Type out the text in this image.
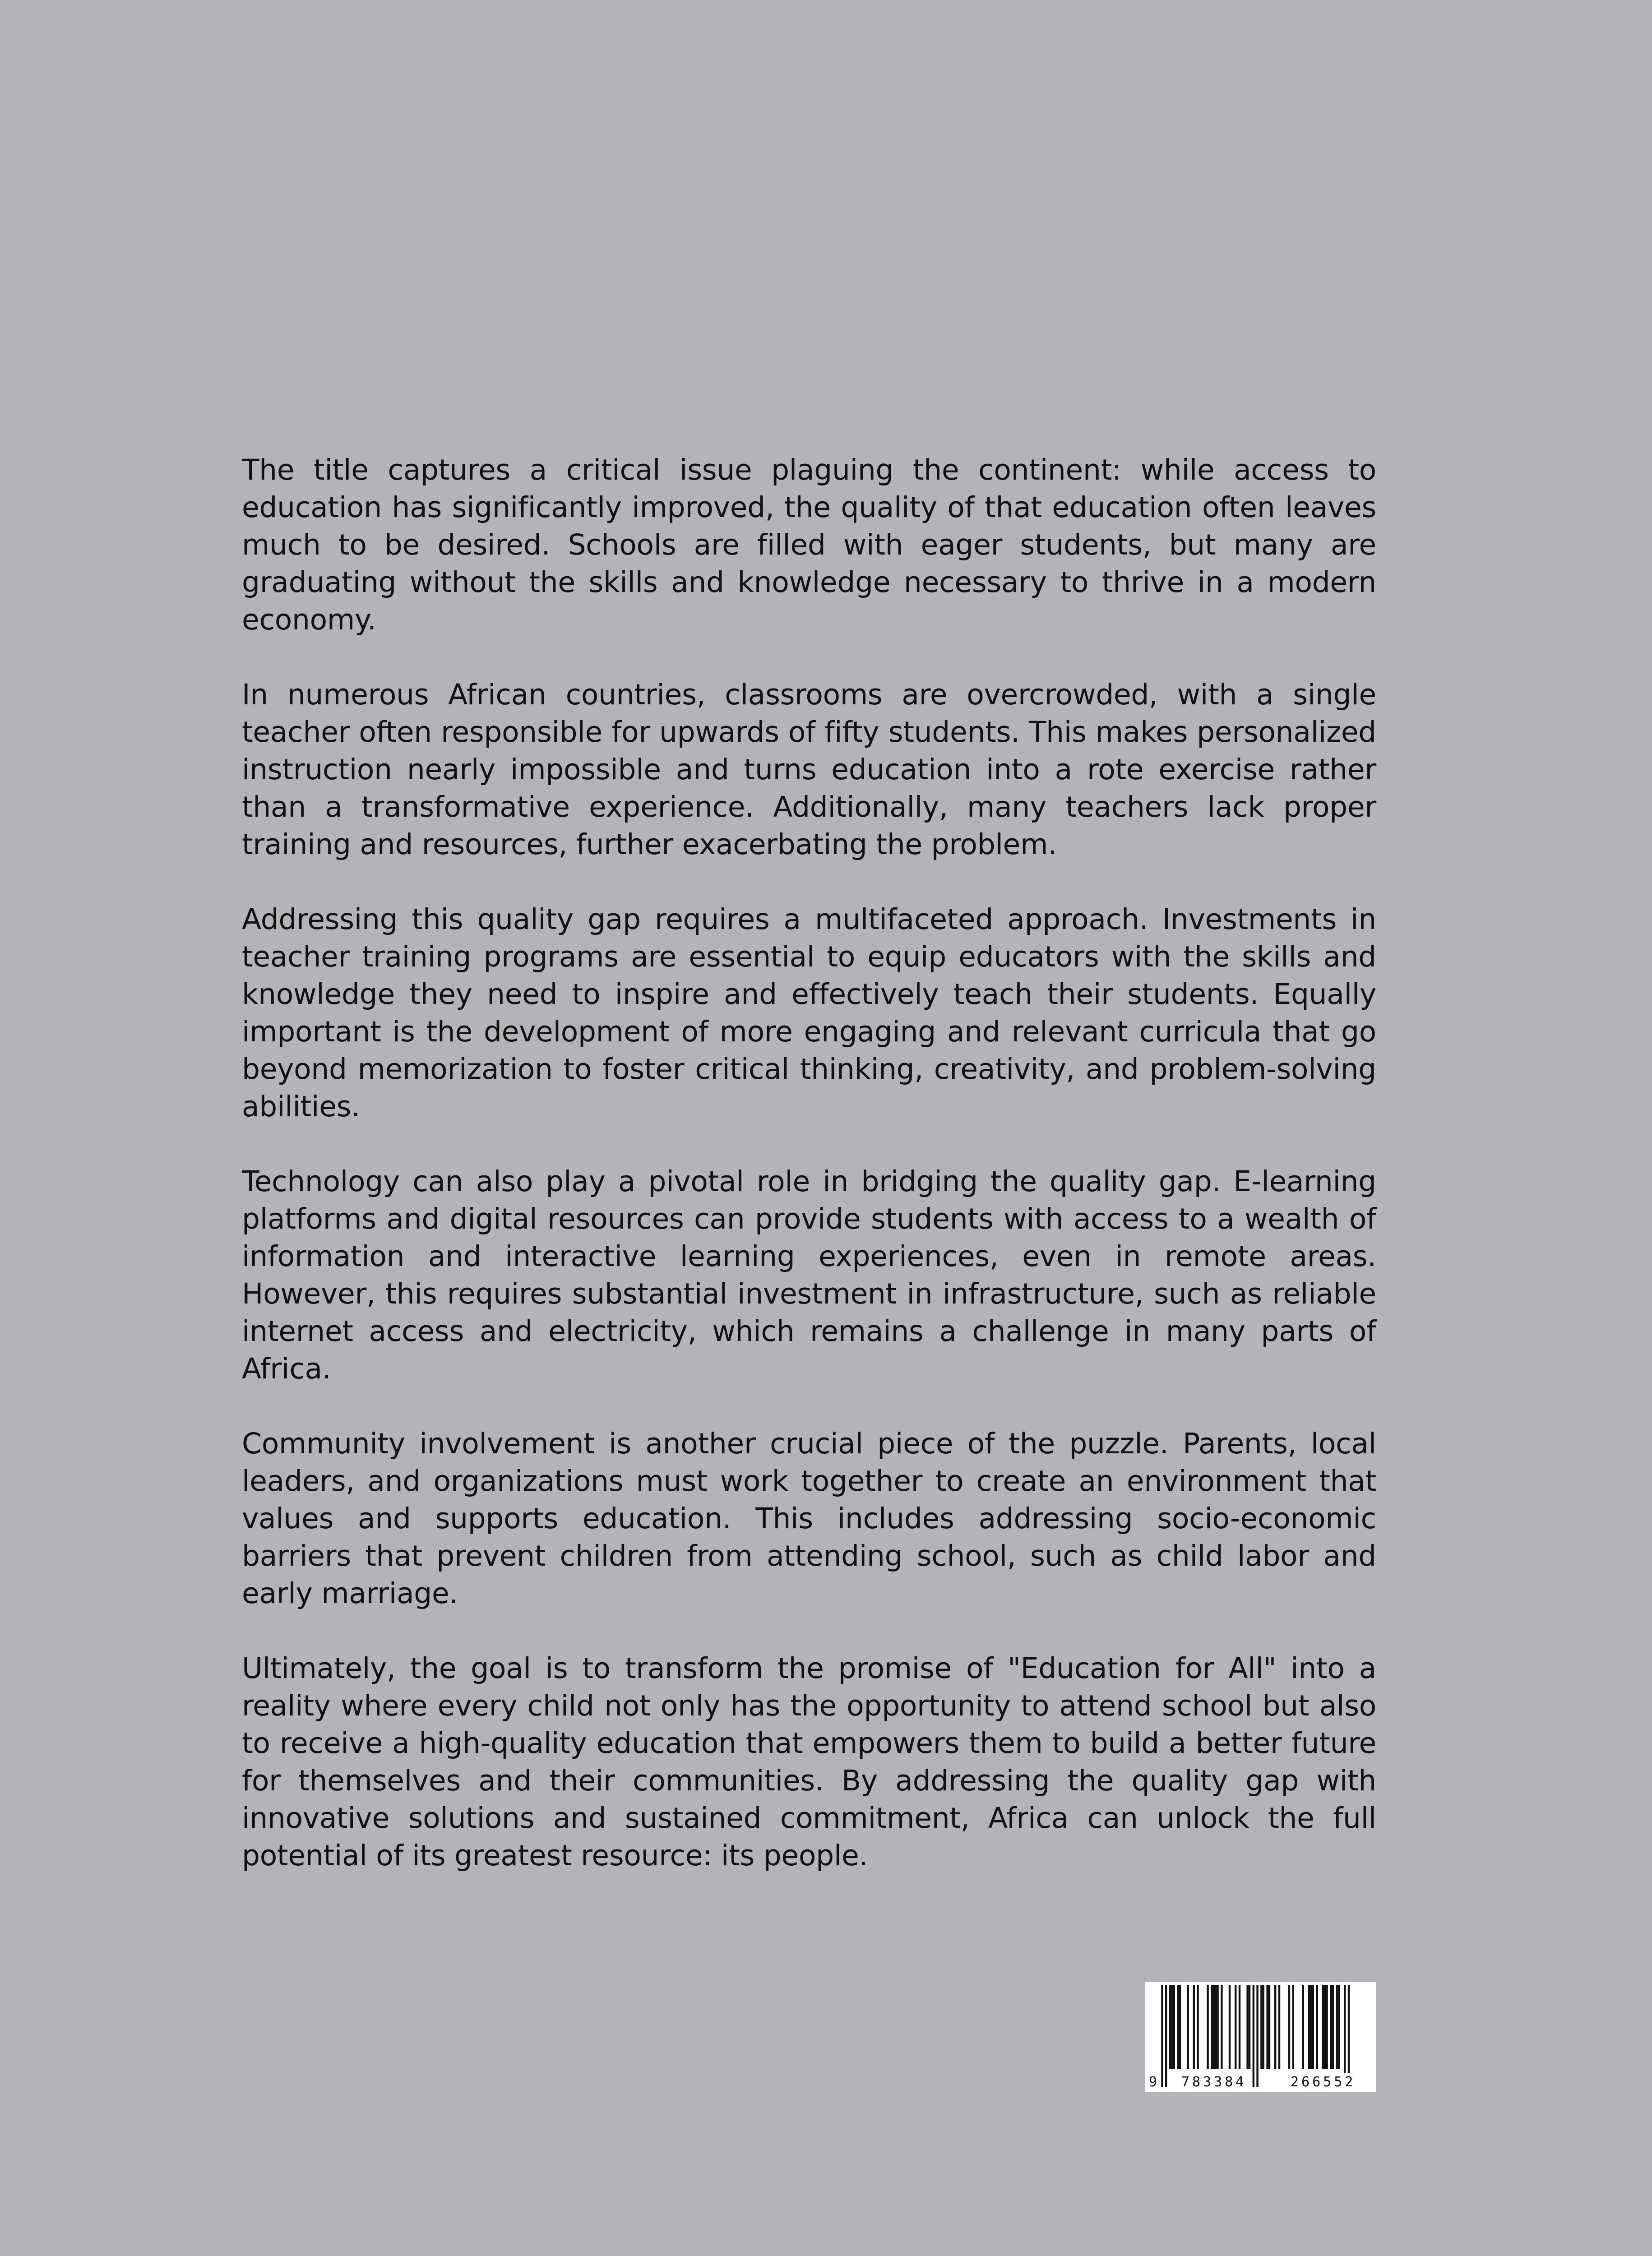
The title captures a critical issue plaguing the continent: while access to education has significantly improved, the quality of that education often leaves much to be desired. Schools are filled with eager students, but many are graduating without the skills and knowledge necessary to thrive in a modern economy.

In numerous African countries, classrooms are overcrowded, with a single teacher often responsible for upwards of fifty students. This makes personalized instruction nearly impossible and turns education into a rote exercise rather than a transformative experience. Additionally, many teachers lack proper training and resources, further exacerbating the problem.

Addressing this quality gap requires a multifaceted approach. Investments in teacher training programs are essential to equip educators with the skills and knowledge they need to inspire and effectively teach their students. Equally important is the development of more engaging and relevant curricula that go beyond memorization to foster critical thinking, creativity, and problem-solving abilities.

Technology can also play a pivotal role in bridging the quality gap. E-learning platforms and digital resources can provide students with access to a wealth of information and interactive learning experiences, even in remote areas. However, this requires substantial investment in infrastructure, such as reliable internet access and electricity, which remains a challenge in many parts of Africa.

Community involvement is another crucial piece of the puzzle. Parents, local leaders, and organizations must work together to create an environment that values and supports education. This includes addressing socio-economic barriers that prevent children from attending school, such as child labor and early marriage.

Ultimately, the goal is to transform the promise of "Education for All" into a reality where every child not only has the opportunity to attend school but also to receive a high-quality education that empowers them to build a better future for themselves and their communities. By addressing the quality gap with innovative solutions and sustained commitment, Africa can unlock the full potential of its greatest resource: its people.

9 783384	266552
